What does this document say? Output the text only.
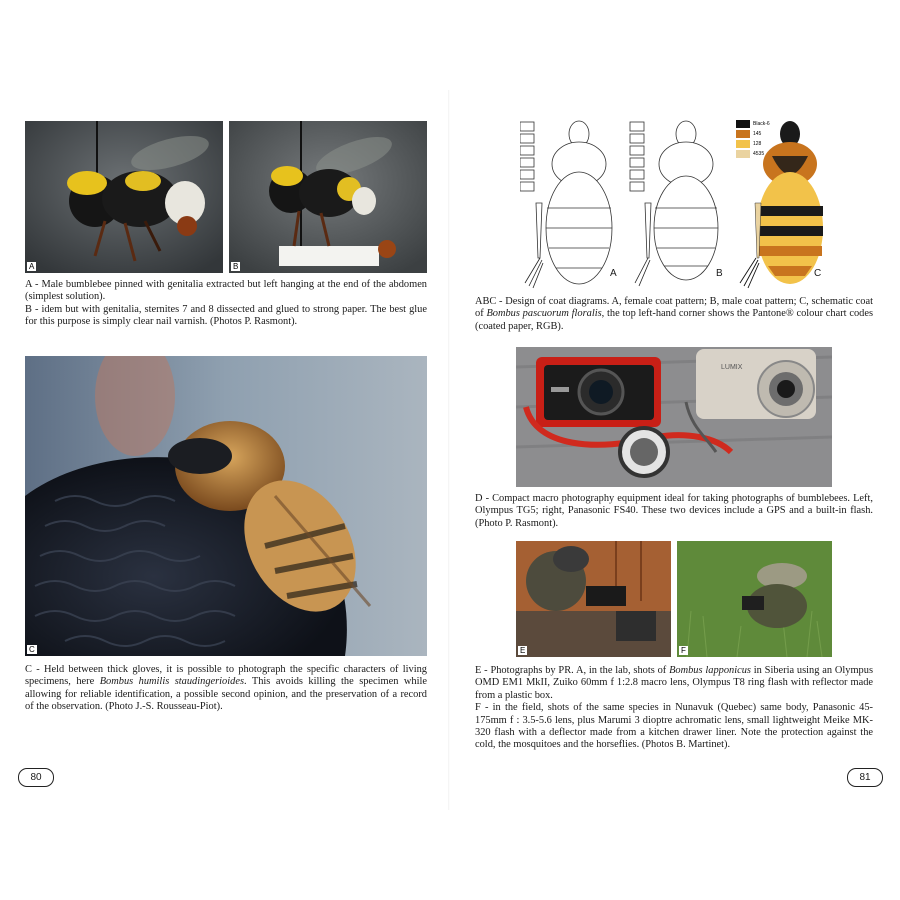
A	B

A - Male bumblebee pinned with genitalia extracted but left hanging at the end of the abdomen (simplest solution).

B - idem but with genitalia, sternites 7 and 8 dissected and glued to strong paper. The best glue for this purpose is simply clear nail varnish. (Photos P. Rasmont).

C

C - Held between thick gloves, it is possible to photograph the specific characters of living specimens, here Bombus humilis staudingerioides. This avoids killing the specimen while allowing for reliable identification, a possible second opinion, and the preservation of a record of the observation. (Photo J.-S. Rousseau-Piot).

80
A	B	C
Black-6
145
128
4535

ABC - Design of coat diagrams. A, female coat pattern; B, male coat pattern; C, schematic coat of Bombus pascuorum floralis, the top left-hand corner shows the Pantone® colour chart codes (coated paper, RGB).

LUMIX

D - Compact macro photography equipment ideal for taking photographs of bumblebees. Left, Olympus TG5; right, Panasonic FS40. These two devices include a GPS and a built-in flash. (Photo P. Rasmont).

E	F

E - Photographs by PR. A, in the lab, shots of Bombus lapponicus in Siberia using an Olympus OMD EM1 MkII, Zuiko 60mm f 1:2.8 macro lens, Olympus T8 ring flash with reflector made from a plastic box.

F - in the field, shots of the same species in Nunavuk (Quebec) same body, Panasonic 45-175mm f : 3.5-5.6 lens, plus Marumi 3 dioptre achromatic lens, small lightweight Meike MK-320 flash with a deflector made from a kitchen drawer liner. Note the protection against the cold, the mosquitoes and the horseflies. (Photos B. Martinet).

81
